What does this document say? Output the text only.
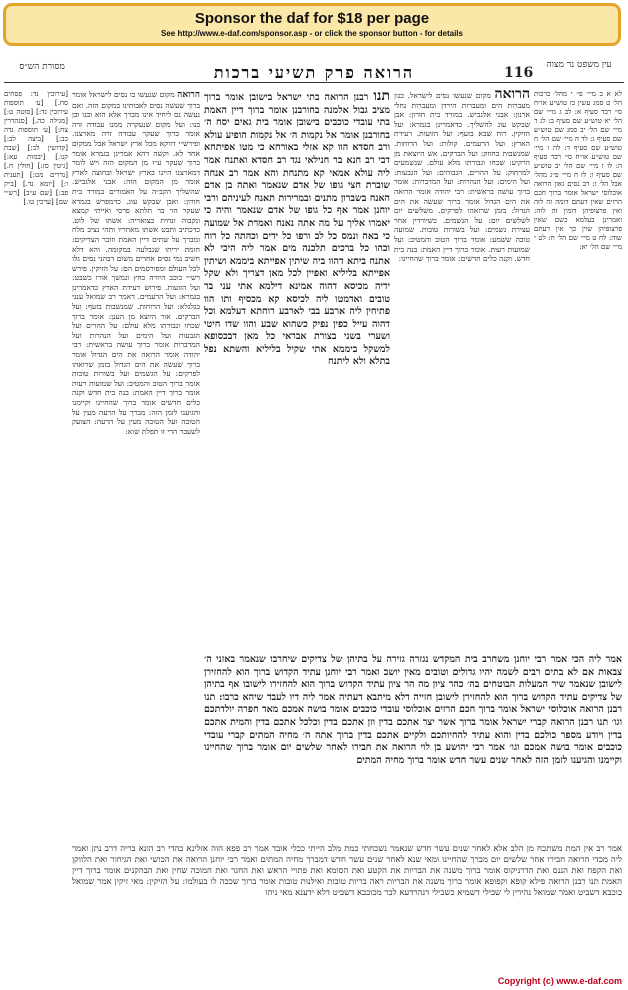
Sponsor the daf for $18 per page
See http://www.e-daf.com/sponsor.asp - or click the sponsor button - for details
עין משפט נר מצוה
הרואה פרק תשיעי ברכות	116
מסורת הש״ס
לא א ב מיי׳ פ״ י מהל׳ ברכות הל׳ ט סמג עשין כז טוש״ע או״ח סי׳ רכד סעיף א: לב ג מיי׳ שם הל׳ יא טוש״ע שם סעיף ב: לג ד מיי׳ שם הל׳ יב סמג שם טוש״ע שם סעיף ג: לד ה מיי׳ שם הל׳ ח טוש״ע שם סעיף ד: לה ו מיי׳ שם טוש״ע או״ח סי׳ רכד סעיף ה: לו ז מיי׳ שם הל׳ יב טוש״ע שם סעיף ו: לז ח מיי׳ פ״ג מהל׳ אבל הל׳ ז: רב נסים גאון הרואה אוכלוסי ישראל אומר ברוך חכם הרזים שאין דעתם דומה זה לזה ואין פרצופיהן דומין זה לזה: ואמרינן בעלמא כשם שאין פרצופיהן שוין כך אין דעתם שוה: לח ט מיי׳ שם הל׳ ח: לט י מיי׳ שם הל׳ יא:
הרואה מקום שנעשו נסים לישראל. כגון מעברות הים ומעברות הירדן ומעברות נחלי ארנון: אבני אלגביש. במורד בית חורון: אבן שבקש עוג להשליך. כדאמרינן בגמרא: ועל הזיקין. רוח שבא בזעף: ועל הזועות. רעידת הארץ: ועל הרעמים. קולות: ועל הרוחות. שמנשבות בחוזק: ועל הברקים. אש היוצאת מן הרקיע: שכחו וגבורתו מלא עולם. שנשמעים למרחוק: על ההרים. הגבוהים: ועל הגבעות: ועל הימים: ועל הנהרות: ועל המדברות: אומר ברוך עושה בראשית: רבי יהודה אומר הרואה את הים הגדול אומר ברוך שעשה את הים הגדול: בזמן שרואהו לפרקים. משלשים יום לשלשים יום: על הגשמים. כשיורדין אחר עצירת גשמים: ועל בשורות טובות. שמועה טובה ששמע: אומר ברוך הטוב והמטיב: ועל שמועות רעות. אומר ברוך דיין האמת: בנה בית חדש. וקנה כלים חדשים: אומר ברוך שהחיינו:
תנו רבנן הרואה בתי ישראל בישובן אומר ברוך מציב גבול אלמנה בחורבנן אומר ברוך דיין האמת בתי עובדי כוכבים בישובן אומר בית גאים יסח ה׳ בחורבנן אומר אל נקמות ה׳ אל נקמות הופיע עולא ורב חסדא הוו קא אזלי באורחא כי מטו אפיתחא דבי רב חנא בר חנילאי נגד רב חסדא ואתנח אמר ליה עולא אמאי קא מתנחת והא אמר רב אנחה שוברת חצי גופו של אדם שנאמר ואתה בן אדם האנח בשברון מתנים ובמרירות תאנח לעיניהם ורבי יוחנן אמר אף כל גופו של אדם שנאמר והיה כי יאמרו אליך על מה אתה נאנח ואמרת אל שמועה כי באה ונמס כל לב ורפו כל ידים וכהתה כל רוח וכהו כל ברכים תלכנה מים אמר ליה היכי לא אתנח ביתא דהוו ביה שיתין אפייתא ביממא ושיתין אפייתא בליליא ואפיין לכל מאן דצריך ולא שקל ידיה מכיסא דהוה אמינא דילמא אתי עני בר טובים ואדמטו ליה לכיסא קא מכסיף ותו הוו פתיחין ליה ארבע בבי לארבע רוחתא דעלמא וכל דהוה עייל כפין נפיק כשהוא שבע והוו שדו חיטי ושערי בשני בצורת אבראי כל מאן דבכסופא למשקל ביממא אתי שקיל בליליא והשתא נפל בתלא ולא ליתנח
הרואה מקום שנעשו בו נסים לישראל אומר ברוך שעשה נסים לאבותינו במקום הזה. ואם נעשה נס ליחיד אינו מברך אלא הוא ובנו ובן בנו: ועל מקום שנעקרה ממנו עבודה זרה אומר ברוך שעקר עבודה זרה מארצנו. ופירש״י דווקא מכל ארץ ישראל אבל ממקום אחד לא. וקשה דהא אמרינן בגמרא אומר ברוך שעקר ע״ז מן המקום הזה ויש לומר דמארצנו היינו בארץ ישראל ובחוצה לארץ אומר מן המקום הזה: אבני אלגביש. שהשליך הקב״ה על האמורים במורד בית חורון: ואבן שבקש עוג. כדמפרש בגמרא שעקר הר בר תלתא פרסי ואייתי קמצא ונקבוה ונחית בצואריה: אשתו של לוט. כדכתיב ותבט אשתו מאחריו ותהי נציב מלח ומברך על שתים דיין האמת וזוכר הצדיקים: חומת יריחו שנבלעה במקומה. והא דלא חשיב נמי נסים אחרים משום דבהני נסים גלו לכל העולם ומפורסמים הם: על הזיקין. פירש רש״י כוכב היורה כחץ ונמשך אורו כשבט: ועל הזועות. פירוש רעידת הארץ כדאמרינן בגמרא: ועל הרעמים. דאמר רב שמואל ענני בגלגלא: ועל הרוחות. שמנשבות בזעף: ועל הברקים. אור היוצא מן הענן: אומר ברוך שכחו וגבורתו מלא עולם: על ההרים ועל הגבעות ועל הימים ועל הנהרות ועל המדברות אומר ברוך עושה בראשית: רבי יהודה אומר הרואה את הים הגדול אומר ברוך שעשה את הים הגדול בזמן שרואהו לפרקים: על הגשמים ועל בשורות טובות אומר ברוך הטוב והמטיב: ועל שמועות רעות אומר ברוך דיין האמת: בנה בית חדש וקנה כלים חדשים אומר ברוך שהחיינו וקיימנו והגיענו לזמן הזה: מברך על הרעה מעין על הטובה ועל הטובה מעין על הרעה: הצועק לשעבר הרי זו תפלת שוא:
[עירובין נד: פסחים סח.] [ע׳ תוספות עירובין נד:] [סוטה ט:] [מגילה כה.] [סנהדרין צח:] [ע׳ תוספות נדה כב:] [ביצה לב:] [קדושין לב:] [שבת קנו.] [יבמות עא:] [גיטין סז:] [חולין ח.] [נדרים מט:] [תענית ו:] [יומא נד.] [ב״ק פב:] [שם ע״ב] [רש״י שם] [ערכין טו.]
אמר ליה הכי אמר רבי יוחנן משחרב בית המקדש נגזרה גזירה על בתיהן של צדיקים שיחרבו שנאמר באזני ה׳ צבאות אם לא בתים רבים לשמה יהיו גדולים וטובים מאין יושב ואמר רבי יוחנן עתיד הקדוש ברוך הוא להחזירן לישובן שנאמר שיר המעלות הבוטחים בה׳ כהר ציון מה הר ציון עתיד הקדוש ברוך הוא להחזירו לישובו אף בתיהן של צדיקים עתיד הקדוש ברוך הוא להחזירן לישובן חזייה דלא מיתבא דעתיה אמר ליה דיו לעבד שיהא כרבו: תנו רבנן הרואה אוכלוסי ישראל אומר ברוך חכם הרזים אוכלוסי עובדי כוכבים אומר בושה אמכם מאד חפרה יולדתכם וגו׳ תנו רבנן הרואה קברי ישראל אומר ברוך אשר יצר אתכם בדין וזן אתכם בדין וכלכל אתכם בדין והמית אתכם בדין ויודע מספר כולכם בדין והוא עתיד להחיותכם ולקיים אתכם בדין ברוך אתה ה׳ מחיה המתים קברי עובדי כוכבים אומר בושה אמכם וגו׳ אמר רבי יהושע בן לוי הרואה את חבירו לאחר שלשים יום אומר ברוך שהחיינו וקיימנו והגיענו לזמן הזה לאחר שנים עשר חדש אומר ברוך מחיה המתים
אמר רב אין המת משתכח מן הלב אלא לאחר שנים עשר חדש שנאמר נשכחתי כמת מלב הייתי ככלי אובד אמר רב פפא הוה אזלינא בהדי רב הונא בריה דרב נתן ואמר ליה מכדי הרואה חבירו אחר שלשים יום מברך שהחיינו ומאי שנא לאחר שנים עשר חדש דמברך מחיה המתים ואמר רבי יוחנן הרואה את הכושי ואת הגיחור ואת הלווקן ואת הקפח ואת הננס ואת הדרניקוס אומר ברוך משנה את הבריות את הקטע ואת הסומא ואת פתויי הראש ואת החגר ואת המוכה שחין ואת הבהקנים אומר ברוך דיין האמת תנו רבנן הרואה פילא קופא וקפופא אומר ברוך משנה את הבריות ראה בריות טובות ואילנות טובות אומר ברוך שככה לו בעולמו: על הזיקין: מאי זיקין אמר שמואל כוכבא דשביט ואמר שמואל נהירין לי שבילי דשמיא כשבילי דנהרדעא לבר מכוכבא דשביט דלא ידענא מאי ניהו
Copyright (c) www.e-daf.com
